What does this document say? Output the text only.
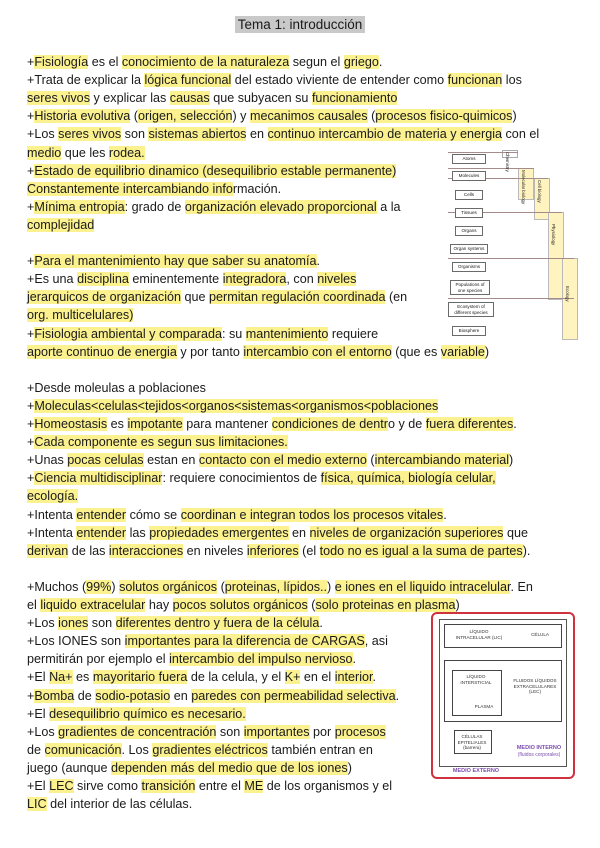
Tema 1: introducción
+Fisiología es el conocimiento de la naturaleza segun el griego.
+Trata de explicar la lógica funcional del estado viviente de entender como funcionan los
seres vivos y explicar las causas que subyacen su funcionamiento
+Historia evolutiva (origen, selección) y mecanimos causales (procesos fisico-quimicos)
+Los seres vivos son sistemas abiertos en continuo intercambio de materia y energia con el
medio que les rodea.
+Estado de equilibrio dinamico (desequilibrio estable permanente)
Constantemente intercambiando información.
+Mínima entropia: grado de organización elevado proporcional a la
complejidad
+Para el mantenimiento hay que saber su anatomía.
+Es una disciplina eminentemente integradora, con niveles
jerarquicos de organización que permitan regulación coordinada (en
org. multicelulares)
+Fisiologia ambiental y comparada: su mantenimiento requiere
aporte continuo de energia y por tanto intercambio con el entorno (que es variable)
+Desde moleulas a poblaciones
+Moleculas<celulas<tejidos<organos<sistemas<organismos<poblaciones
+Homeostasis es impotante para mantener condiciones de dentro y de fuera diferentes.
+Cada componente es segun sus limitaciones.
+Unas pocas celulas estan en contacto con el medio externo (intercambiando material)
+Ciencia multidisciplinar: requiere conocimientos de física, química, biología celular,
ecología.
+Intenta entender cómo se coordinan e integran todos los procesos vitales.
+Intenta entender las propiedades emergentes en niveles de organización superiores que
derivan de las interacciones en niveles inferiores (el todo no es igual a la suma de partes).
+Muchos (99%) solutos orgánicos (proteinas, lípidos..) e iones en el liquido intracelular. En
el liquido extracelular hay pocos solutos orgánicos (solo proteinas en plasma)
+Los iones son diferentes dentro y fuera de la célula.
+Los IONES son importantes para la diferencia de CARGAS, asi
permitirán por ejemplo el intercambio del impulso nervioso.
+El Na+ es mayoritario fuera de la celula, y el K+ en el interior.
+Bomba de sodio-potasio en paredes con permeabilidad selectiva.
+El desequilibrio químico es necesario.
+Los gradientes de concentración son importantes por procesos
de comunicación. Los gradientes eléctricos también entran en
juego (aunque dependen más del medio que de los iones)
+El LEC sirve como transición entre el ME de los organismos y el
LIC del interior de las células.
Chemistry
Molecular biology	Cell biology
Physiology
Ecology
Atoms
Molecules
Cells
Tissues
Organs
Organ systems
Organisms
Populations of one species
Ecosystem of different species
Biosphere
LÍQUIDO INTRACELULAR (LIC)	CÉLULA
LÍQUIDO INTERSTICIAL
PLASMA
FLUIDOS LÍQUIDOS EXTRACELULARES (LEC)
CÉLULAS EPITELIALES (barrera)	MEDIO INTERNO
(fluidos corporales)
MEDIO EXTERNO
